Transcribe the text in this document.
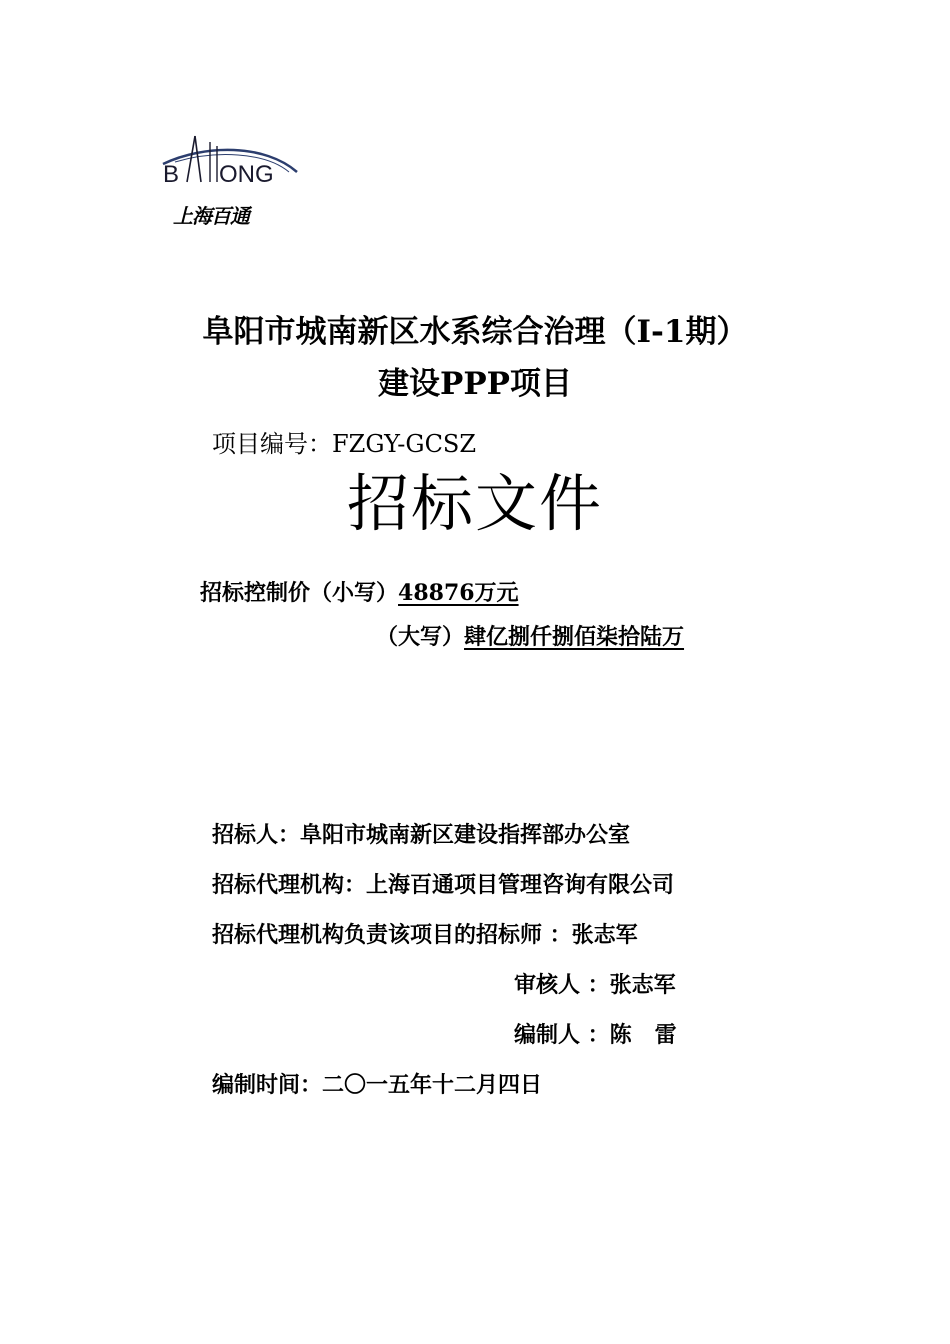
B ONG
上海百通
阜阳市城南新区水系综合治理（Ⅰ-1期）
建设PPP项目
项目编号：FZGY-GCSZ
招标文件
招标控制价（小写）48876万元
（大写）肆亿捌仟捌佰柒拾陆万
招标人：阜阳市城南新区建设指挥部办公室
招标代理机构：上海百通项目管理咨询有限公司
招标代理机构负责该项目的招标师 ：张志军
审核人 ：张志军
编制人 ：陈   雷
编制时间：二〇一五年十二月四日
